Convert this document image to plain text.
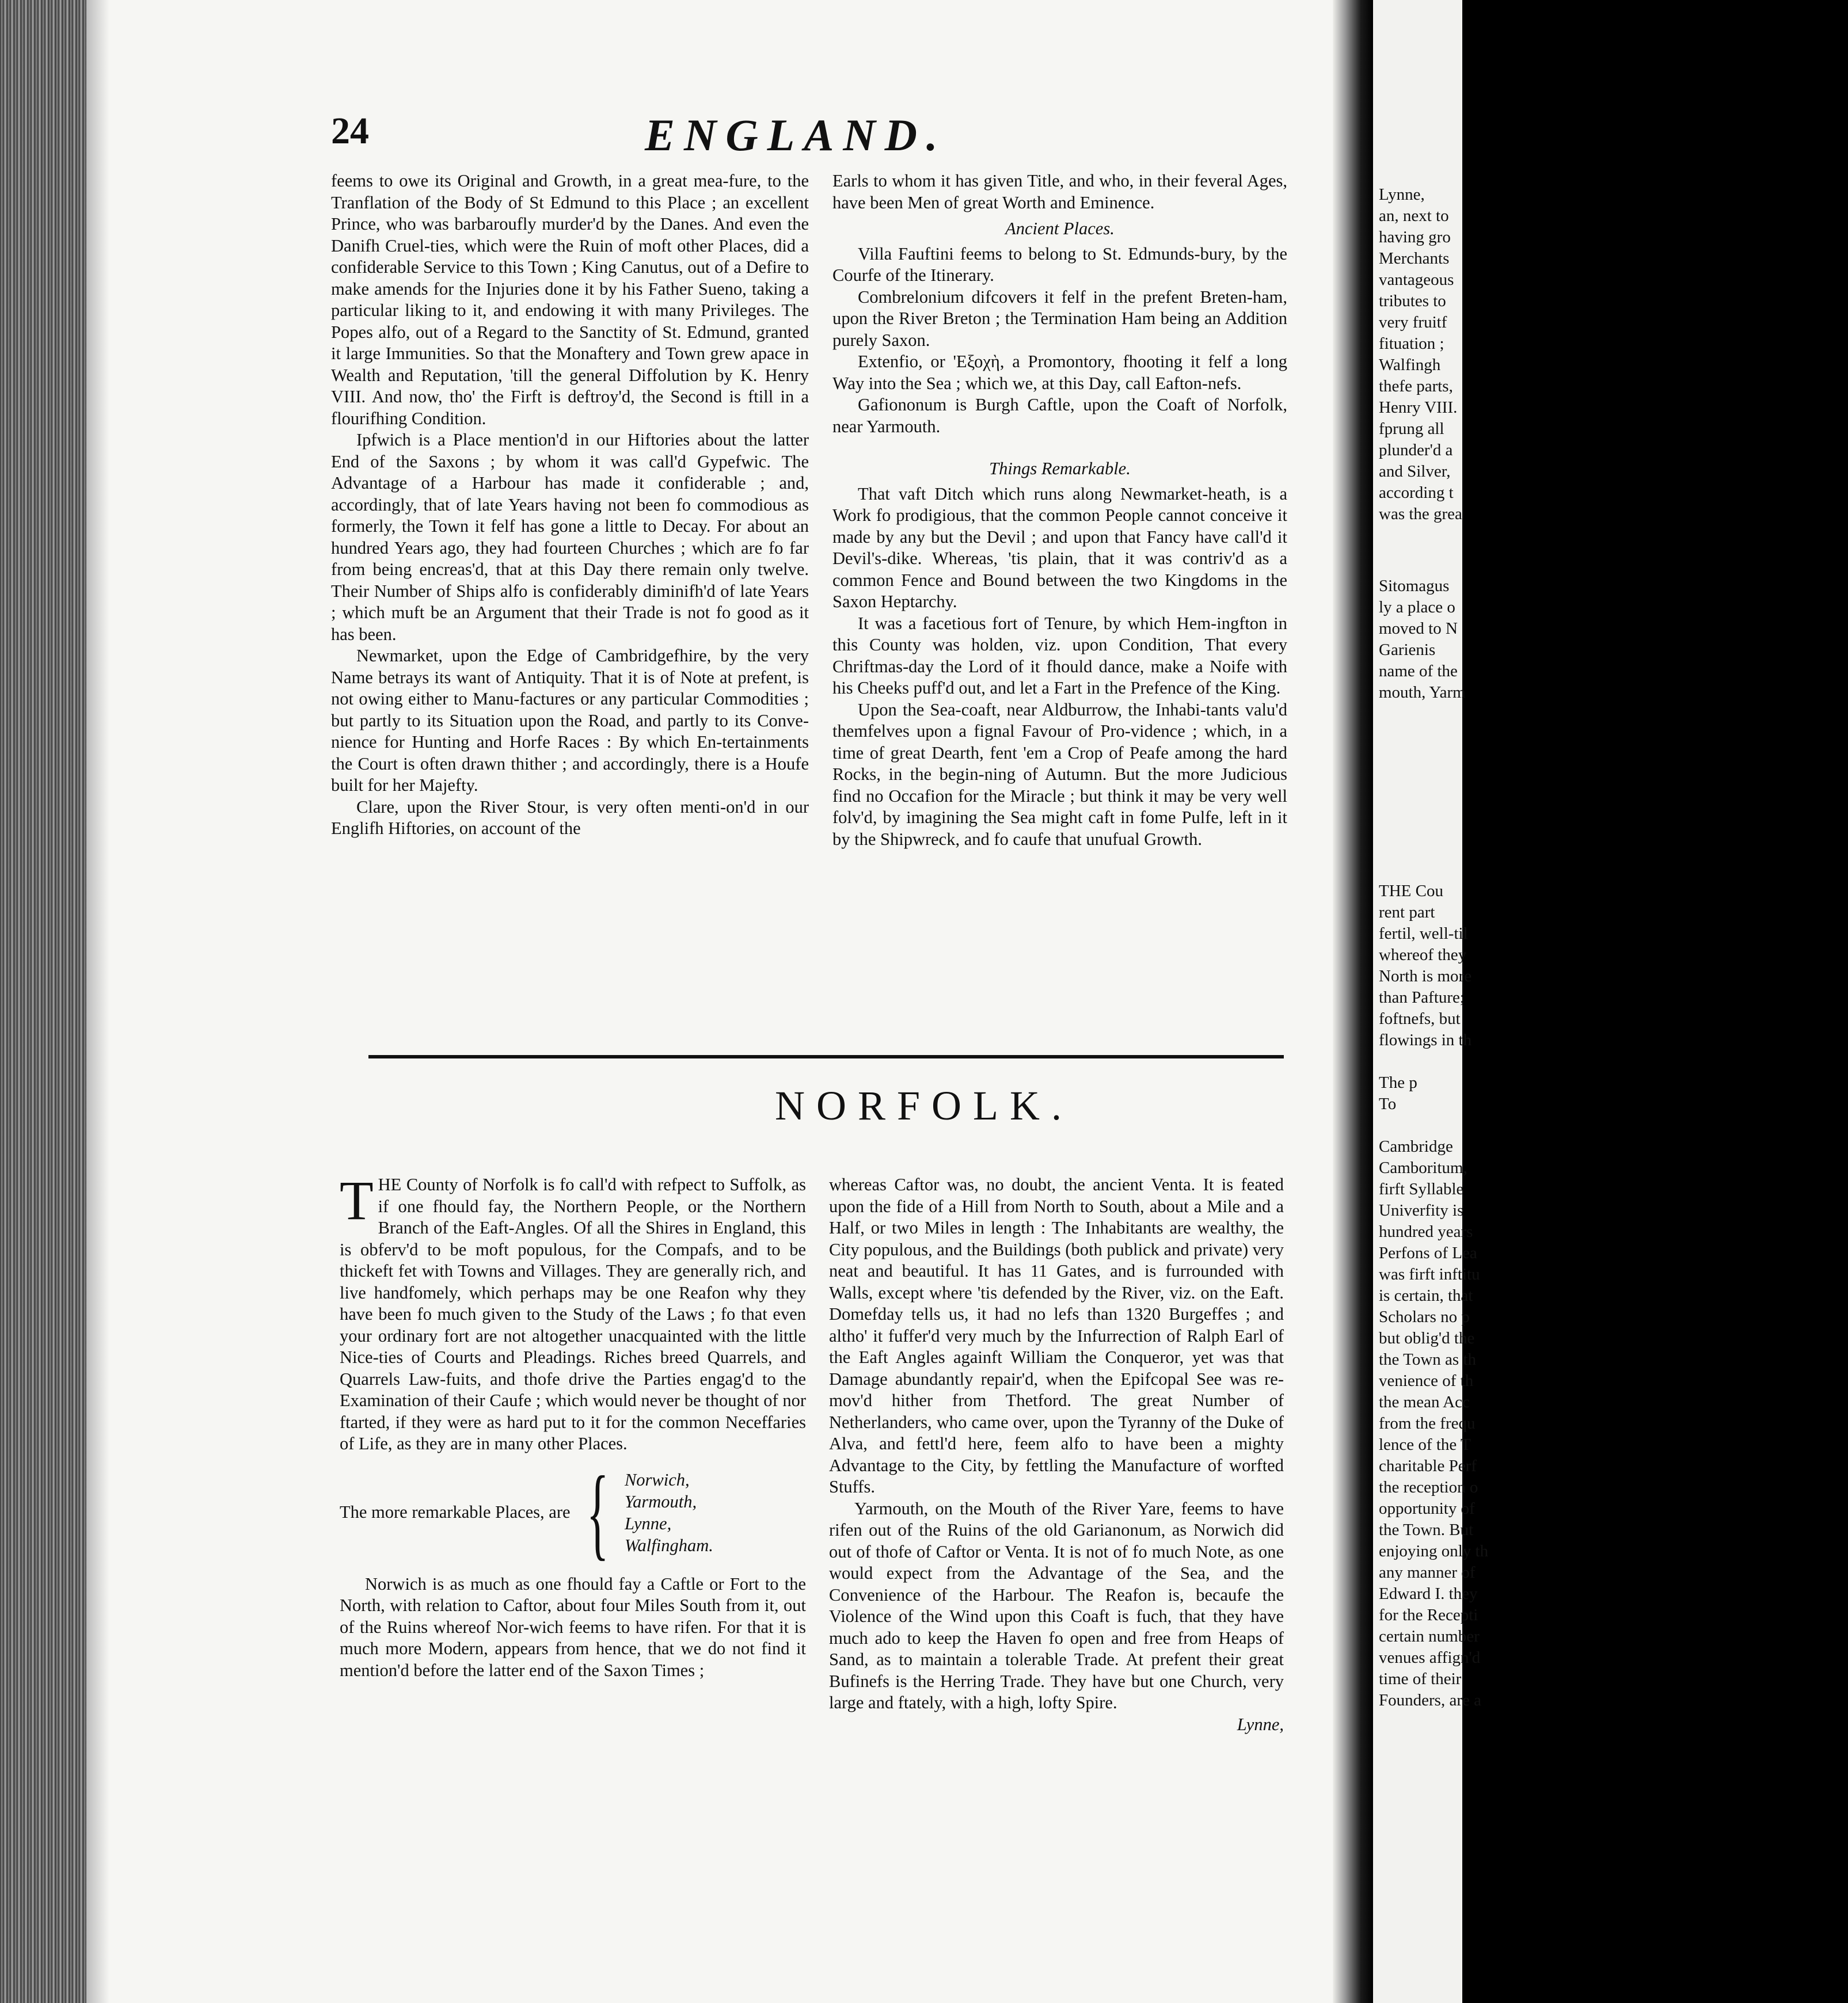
24	ENGLAND.

feems to owe its Original and Growth, in a great mea-fure, to the Tranflation of the Body of St Edmund to this Place ; an excellent Prince, who was barbaroufly murder'd by the Danes. And even the Danifh Cruel-ties, which were the Ruin of moft other Places, did a confiderable Service to this Town ; King Canutus, out of a Defire to make amends for the Injuries done it by his Father Sueno, taking a particular liking to it, and endowing it with many Privileges. The Popes alfo, out of a Regard to the Sanctity of St. Edmund, granted it large Immunities. So that the Monaftery and Town grew apace in Wealth and Reputation, 'till the general Diffolution by K. Henry VIII. And now, tho' the Firft is deftroy'd, the Second is ftill in a flourifhing Condition.

Ipfwich is a Place mention'd in our Hiftories about the latter End of the Saxons ; by whom it was call'd Gypefwic. The Advantage of a Harbour has made it confiderable ; and, accordingly, that of late Years having not been fo commodious as formerly, the Town it felf has gone a little to Decay. For about an hundred Years ago, they had fourteen Churches ; which are fo far from being encreas'd, that at this Day there remain only twelve. Their Number of Ships alfo is confiderably diminifh'd of late Years ; which muft be an Argument that their Trade is not fo good as it has been.

Newmarket, upon the Edge of Cambridgefhire, by the very Name betrays its want of Antiquity. That it is of Note at prefent, is not owing either to Manu-factures or any particular Commodities ; but partly to its Situation upon the Road, and partly to its Conve-nience for Hunting and Horfe Races : By which En-tertainments the Court is often drawn thither ; and accordingly, there is a Houfe built for her Majefty.

Clare, upon the River Stour, is very often menti-on'd in our Englifh Hiftories, on account of the

Earls to whom it has given Title, and who, in their feveral Ages, have been Men of great Worth and Eminence.

Ancient Places.

Villa Fauftini feems to belong to St. Edmunds-bury, by the Courfe of the Itinerary.

Combrelonium difcovers it felf in the prefent Breten-ham, upon the River Breton ; the Termination Ham being an Addition purely Saxon.

Extenfio, or 'Εξοχὴ, a Promontory, fhooting it felf a long Way into the Sea ; which we, at this Day, call Eafton-nefs.

Gafiononum is Burgh Caftle, upon the Coaft of Norfolk, near Yarmouth.

Things Remarkable.

That vaft Ditch which runs along Newmarket-heath, is a Work fo prodigious, that the common People cannot conceive it made by any but the Devil ; and upon that Fancy have call'd it Devil's-dike. Whereas, 'tis plain, that it was contriv'd as a common Fence and Bound between the two Kingdoms in the Saxon Heptarchy.

It was a facetious fort of Tenure, by which Hem-ingfton in this County was holden, viz. upon Condition, That every Chriftmas-day the Lord of it fhould dance, make a Noife with his Cheeks puff'd out, and let a Fart in the Prefence of the King.

Upon the Sea-coaft, near Aldburrow, the Inhabi-tants valu'd themfelves upon a fignal Favour of Pro-vidence ; which, in a time of great Dearth, fent 'em a Crop of Peafe among the hard Rocks, in the begin-ning of Autumn. But the more Judicious find no Occafion for the Miracle ; but think it may be very well folv'd, by imagining the Sea might caft in fome Pulfe, left in it by the Shipwreck, and fo caufe that unufual Growth.

NORFOLK.

THE County of Norfolk is fo call'd with refpect to Suffolk, as if one fhould fay, the Northern People, or the Northern Branch of the Eaft-Angles. Of all the Shires in England, this is obferv'd to be moft populous, for the Compafs, and to be thickeft fet with Towns and Villages. They are generally rich, and live handfomely, which perhaps may be one Reafon why they have been fo much given to the Study of the Laws ; fo that even your ordinary fort are not altogether unacquainted with the little Nice-ties of Courts and Pleadings. Riches breed Quarrels, and Quarrels Law-fuits, and thofe drive the Parties engag'd to the Examination of their Caufe ; which would never be thought of nor ftarted, if they were as hard put to it for the common Neceffaries of Life, as they are in many other Places.

The more remarkable Places, are { Norwich,
Yarmouth,
Lynne,
Walfingham.

Norwich is as much as one fhould fay a Caftle or Fort to the North, with relation to Caftor, about four Miles South from it, out of the Ruins whereof Nor-wich feems to have rifen. For that it is much more Modern, appears from hence, that we do not find it mention'd before the latter end of the Saxon Times ;

whereas Caftor was, no doubt, the ancient Venta. It is feated upon the fide of a Hill from North to South, about a Mile and a Half, or two Miles in length : The Inhabitants are wealthy, the City populous, and the Buildings (both publick and private) very neat and beautiful. It has 11 Gates, and is furrounded with Walls, except where 'tis defended by the River, viz. on the Eaft. Domefday tells us, it had no lefs than 1320 Burgeffes ; and altho' it fuffer'd very much by the Infurrection of Ralph Earl of the Eaft Angles againft William the Conqueror, yet was that Damage abundantly repair'd, when the Epifcopal See was re-mov'd hither from Thetford. The great Number of Netherlanders, who came over, upon the Tyranny of the Duke of Alva, and fettl'd here, feem alfo to have been a mighty Advantage to the City, by fettling the Manufacture of worfted Stuffs.

Yarmouth, on the Mouth of the River Yare, feems to have rifen out of the Ruins of the old Garianonum, as Norwich did out of thofe of Caftor or Venta. It is not of fo much Note, as one would expect from the Advantage of the Sea, and the Convenience of the Harbour. The Reafon is, becaufe the Violence of the Wind upon this Coaft is fuch, that they have much ado to keep the Haven fo open and free from Heaps of Sand, as to maintain a tolerable Trade. At prefent their great Bufinefs is the Herring Trade. They have but one Church, very large and ftately, with a high, lofty Spire.

Lynne,

Lynne,
an, next to
having gro
Merchants
vantageous
tributes to
very fruitf
fituation ;
Walfingh
thefe parts,
Henry VIII.
fprung all
plunder'd a
and Silver,
according t
was the grea
Sitomagus
ly a place o
moved to N
Garienis
name of the
mouth, Yarm
THE Cou
rent part
fertil, well-til
whereof they
North is more
than Pafture;
foftnefs, but
flowings in th

The p
To

Cambridge
Camboritum,
firft Syllable
Univerfity is
hundred years
Perfons of Lea
was firft inftitu
is certain, that
Scholars no p
but oblig'd the
the Town as th
venience of th
the mean Acc
from the frequ
lence of the T
charitable Perf
the reception o
opportunity of
the Town. But
enjoying only th
any manner of
Edward I. they
for the Recepti
certain number
venues affign'd
time of their
Founders, are a
